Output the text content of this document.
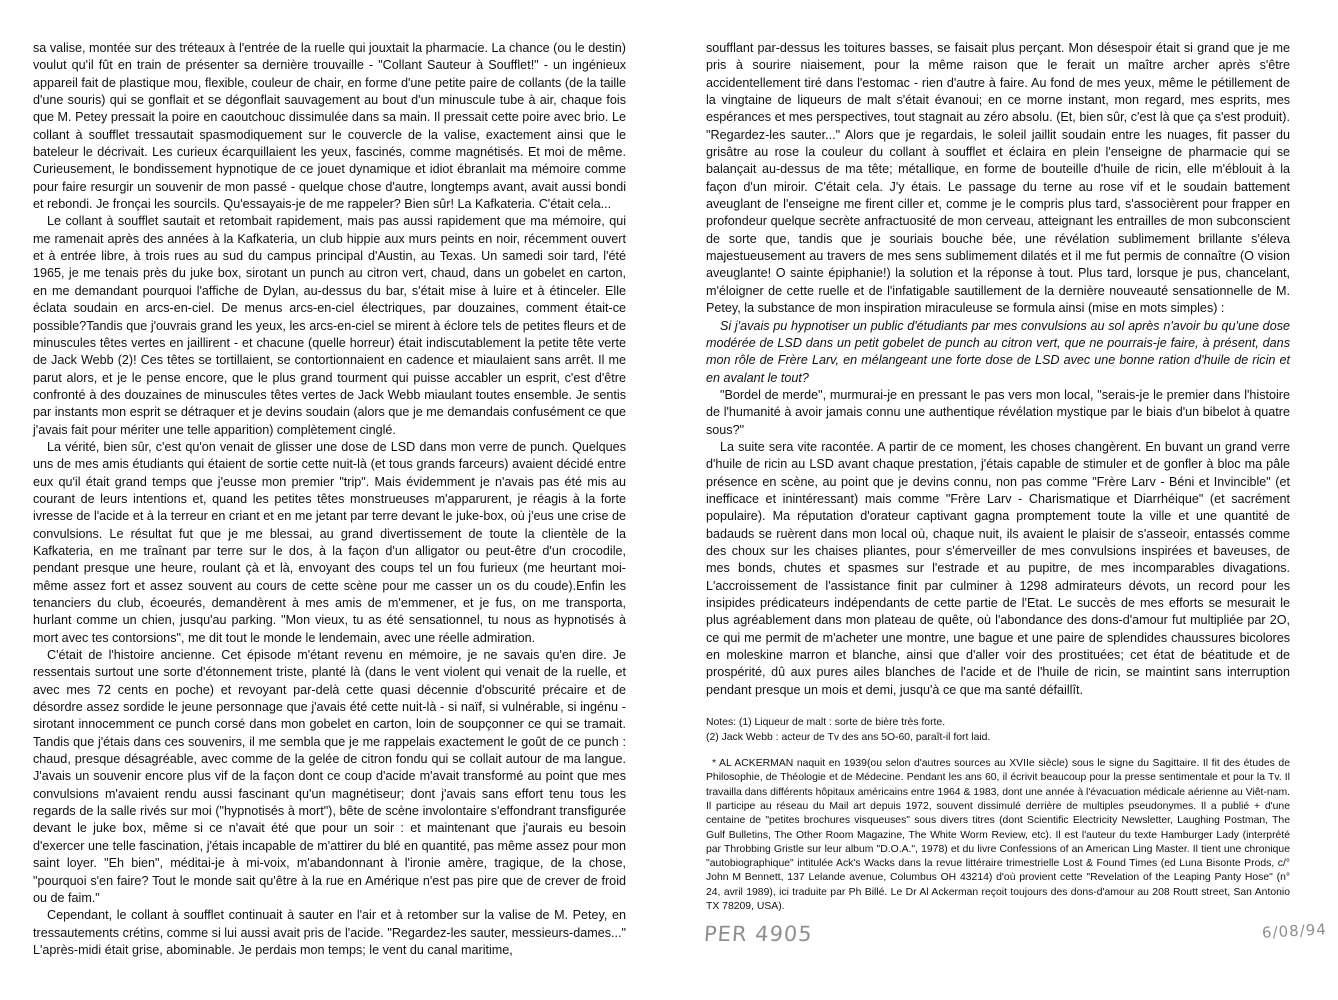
sa valise, montée sur des tréteaux à l'entrée de la ruelle qui jouxtait la pharmacie. La chance (ou le destin) voulut qu'il fût en train de présenter sa dernière trouvaille - "Collant Sauteur à Soufflet!" - un ingénieux appareil fait de plastique mou, flexible, couleur de chair, en forme d'une petite paire de collants (de la taille d'une souris) qui se gonflait et se dégonflait sauvagement au bout d'un minuscule tube à air, chaque fois que M. Petey pressait la poire en caoutchouc dissimulée dans sa main. Il pressait cette poire avec brio. Le collant à soufflet tressautait spasmodiquement sur le couvercle de la valise, exactement ainsi que le bateleur le décrivait. Les curieux écarquillaient les yeux, fascinés, comme magnétisés. Et moi de même. Curieusement, le bondissement hypnotique de ce jouet dynamique et idiot ébranlait ma mémoire comme pour faire resurgir un souvenir de mon passé - quelque chose d'autre, longtemps avant, avait aussi bondi et rebondi. Je fronçai les sourcils. Qu'essayais-je de me rappeler? Bien sûr! La Kafkateria. C'était cela...

Le collant à soufflet sautait et retombait rapidement, mais pas aussi rapidement que ma mémoire, qui me ramenait après des années à la Kafkateria, un club hippie aux murs peints en noir, récemment ouvert et à entrée libre, à trois rues au sud du campus principal d'Austin, au Texas. Un samedi soir tard, l'été 1965, je me tenais près du juke box, sirotant un punch au citron vert, chaud, dans un gobelet en carton, en me demandant pourquoi l'affiche de Dylan, au-dessus du bar, s'était mise à luire et à étinceler. Elle éclata soudain en arcs-en-ciel. De menus arcs-en-ciel électriques, par douzaines, comment était-ce possible?Tandis que j'ouvrais grand les yeux, les arcs-en-ciel se mirent à éclore tels de petites fleurs et de minuscules têtes vertes en jaillirent - et chacune (quelle horreur) était indiscutablement la petite tête verte de Jack Webb (2)! Ces têtes se tortillaient, se contortionnaient en cadence et miaulaient sans arrêt. Il me parut alors, et je le pense encore, que le plus grand tourment qui puisse accabler un esprit, c'est d'être confronté à des douzaines de minuscules têtes vertes de Jack Webb miaulant toutes ensemble. Je sentis par instants mon esprit se détraquer et je devins soudain (alors que je me demandais confusément ce que j'avais fait pour mériter une telle apparition) complètement cinglé.

La vérité, bien sûr, c'est qu'on venait de glisser une dose de LSD dans mon verre de punch. Quelques uns de mes amis étudiants qui étaient de sortie cette nuit-là (et tous grands farceurs) avaient décidé entre eux qu'il était grand temps que j'eusse mon premier "trip". Mais évidemment je n'avais pas été mis au courant de leurs intentions et, quand les petites têtes monstrueuses m'apparurent, je réagis à la forte ivresse de l'acide et à la terreur en criant et en me jetant par terre devant le juke-box, où j'eus une crise de convulsions. Le résultat fut que je me blessai, au grand divertissement de toute la clientèle de la Kafkateria, en me traînant par terre sur le dos, à la façon d'un alligator ou peut-être d'un crocodile, pendant presque une heure, roulant çà et là, envoyant des coups tel un fou furieux (me heurtant moi-même assez fort et assez souvent au cours de cette scène pour me casser un os du coude).Enfin les tenanciers du club, écoeurés, demandèrent à mes amis de m'emmener, et je fus, on me transporta, hurlant comme un chien, jusqu'au parking. "Mon vieux, tu as été sensationnel, tu nous as hypnotisés à mort avec tes contorsions", me dit tout le monde le lendemain, avec une réelle admiration.

C'était de l'histoire ancienne. Cet épisode m'étant revenu en mémoire, je ne savais qu'en dire. Je ressentais surtout une sorte d'étonnement triste, planté là (dans le vent violent qui venait de la ruelle, et avec mes 72 cents en poche) et revoyant par-delà cette quasi décennie d'obscurité précaire et de désordre assez sordide le jeune personnage que j'avais été cette nuit-là - si naïf, si vulnérable, si ingénu - sirotant innocemment ce punch corsé dans mon gobelet en carton, loin de soupçonner ce qui se tramait. Tandis que j'étais dans ces souvenirs, il me sembla que je me rappelais exactement le goût de ce punch : chaud, presque désagréable, avec comme de la gelée de citron fondu qui se collait autour de ma langue. J'avais un souvenir encore plus vif de la façon dont ce coup d'acide m'avait transformé au point que mes convulsions m'avaient rendu aussi fascinant qu'un magnétiseur; dont j'avais sans effort tenu tous les regards de la salle rivés sur moi ("hypnotisés à mort"), bête de scène involontaire s'effondrant transfigurée devant le juke box, même si ce n'avait été que pour un soir : et maintenant que j'aurais eu besoin d'exercer une telle fascination, j'étais incapable de m'attirer du blé en quantité, pas même assez pour mon saint loyer. "Eh bien", méditai-je à mi-voix, m'abandonnant à l'ironie amère, tragique, de la chose, "pourquoi s'en faire? Tout le monde sait qu'être à la rue en Amérique n'est pas pire que de crever de froid ou de faim."

Cependant, le collant à soufflet continuait à sauter en l'air et à retomber sur la valise de M. Petey, en tressautements crétins, comme si lui aussi avait pris de l'acide. "Regardez-les sauter, messieurs-dames..." L'après-midi était grise, abominable. Je perdais mon temps; le vent du canal maritime,

soufflant par-dessus les toitures basses, se faisait plus perçant. Mon désespoir était si grand que je me pris à sourire niaisement, pour la même raison que le ferait un maître archer après s'être accidentellement tiré dans l'estomac - rien d'autre à faire. Au fond de mes yeux, même le pétillement de la vingtaine de liqueurs de malt s'était évanoui; en ce morne instant, mon regard, mes esprits, mes espérances et mes perspectives, tout stagnait au zéro absolu. (Et, bien sûr, c'est là que ça s'est produit). "Regardez-les sauter..." Alors que je regardais, le soleil jaillit soudain entre les nuages, fit passer du grisâtre au rose la couleur du collant à soufflet et éclaira en plein l'enseigne de pharmacie qui se balançait au-dessus de ma tête; métallique, en forme de bouteille d'huile de ricin, elle m'éblouit à la façon d'un miroir. C'était cela. J'y étais. Le passage du terne au rose vif et le soudain battement aveuglant de l'enseigne me firent ciller et, comme je le compris plus tard, s'associèrent pour frapper en profondeur quelque secrète anfractuosité de mon cerveau, atteignant les entrailles de mon subconscient de sorte que, tandis que je souriais bouche bée, une révélation sublimement brillante s'éleva majestueusement au travers de mes sens sublimement dilatés et il me fut permis de connaître (O vision aveuglante! O sainte épiphanie!) la solution et la réponse à tout. Plus tard, lorsque je pus, chancelant, m'éloigner de cette ruelle et de l'infatigable sautillement de la dernière nouveauté sensationnelle de M. Petey, la substance de mon inspiration miraculeuse se formula ainsi (mise en mots simples) :

Si j'avais pu hypnotiser un public d'étudiants par mes convulsions au sol après n'avoir bu qu'une dose modérée de LSD dans un petit gobelet de punch au citron vert, que ne pourrais-je faire, à présent, dans mon rôle de Frère Larv, en mélangeant une forte dose de LSD avec une bonne ration d'huile de ricin et en avalant le tout?

"Bordel de merde", murmurai-je en pressant le pas vers mon local, "serais-je le premier dans l'histoire de l'humanité à avoir jamais connu une authentique révélation mystique par le biais d'un bibelot à quatre sous?"

La suite sera vite racontée. A partir de ce moment, les choses changèrent. En buvant un grand verre d'huile de ricin au LSD avant chaque prestation, j'étais capable de stimuler et de gonfler à bloc ma pâle présence en scène, au point que je devins connu, non pas comme "Frère Larv - Béni et Invincible" (et inefficace et inintéressant) mais comme "Frère Larv - Charismatique et Diarrhéique" (et sacrément populaire). Ma réputation d'orateur captivant gagna promptement toute la ville et une quantité de badauds se ruèrent dans mon local où, chaque nuit, ils avaient le plaisir de s'asseoir, entassés comme des choux sur les chaises pliantes, pour s'émerveiller de mes convulsions inspirées et baveuses, de mes bonds, chutes et spasmes sur l'estrade et au pupitre, de mes incomparables divagations. L'accroissement de l'assistance finit par culminer à 1298 admirateurs dévots, un record pour les insipides prédicateurs indépendants de cette partie de l'Etat. Le succès de mes efforts se mesurait le plus agréablement dans mon plateau de quête, où l'abondance des dons-d'amour fut multipliée par 2O, ce qui me permit de m'acheter une montre, une bague et une paire de splendides chaussures bicolores en moleskine marron et blanche, ainsi que d'aller voir des prostituées; cet état de béatitude et de prospérité, dû aux pures ailes blanches de l'acide et de l'huile de ricin, se maintint sans interruption pendant presque un mois et demi, jusqu'à ce que ma santé défaillît.

Notes: (1) Liqueur de malt : sorte de bière très forte.
(2) Jack Webb : acteur de Tv des ans 5O-60, paraît-il fort laid.
* AL ACKERMAN naquit en 1939(ou selon d'autres sources au XVIIe siècle) sous le signe du Sagittaire. Il fit des études de Philosophie, de Théologie et de Médecine. Pendant les ans 60, il écrivit beaucoup pour la presse sentimentale et pour la Tv. Il travailla dans différents hôpitaux américains entre 1964 & 1983, dont une année à l'évacuation médicale aérienne au Viêt-nam. Il participe au réseau du Mail art depuis 1972, souvent dissimulé derrière de multiples pseudonymes. Il a publié + d'une centaine de "petites brochures visqueuses" sous divers titres (dont Scientific Electricity Newsletter, Laughing Postman, The Gulf Bulletins, The Other Room Magazine, The White Worm Review, etc). Il est l'auteur du texte Hamburger Lady (interprété par Throbbing Gristle sur leur album "D.O.A.", 1978) et du livre Confessions of an American Ling Master. Il tient une chronique "autobiographique" intitulée Ack's Wacks dans la revue littéraire trimestrielle Lost & Found Times (ed Luna Bisonte Prods, c/° John M Bennett, 137 Lelande avenue, Columbus OH 43214) d'où provient cette "Revelation of the Leaping Panty Hose" (n° 24, avril 1989), ici traduite par Ph Billé. Le Dr Al Ackerman reçoit toujours des dons-d'amour au 208 Routt street, San Antonio TX 78209, USA).
PER 4905	6/08/94
